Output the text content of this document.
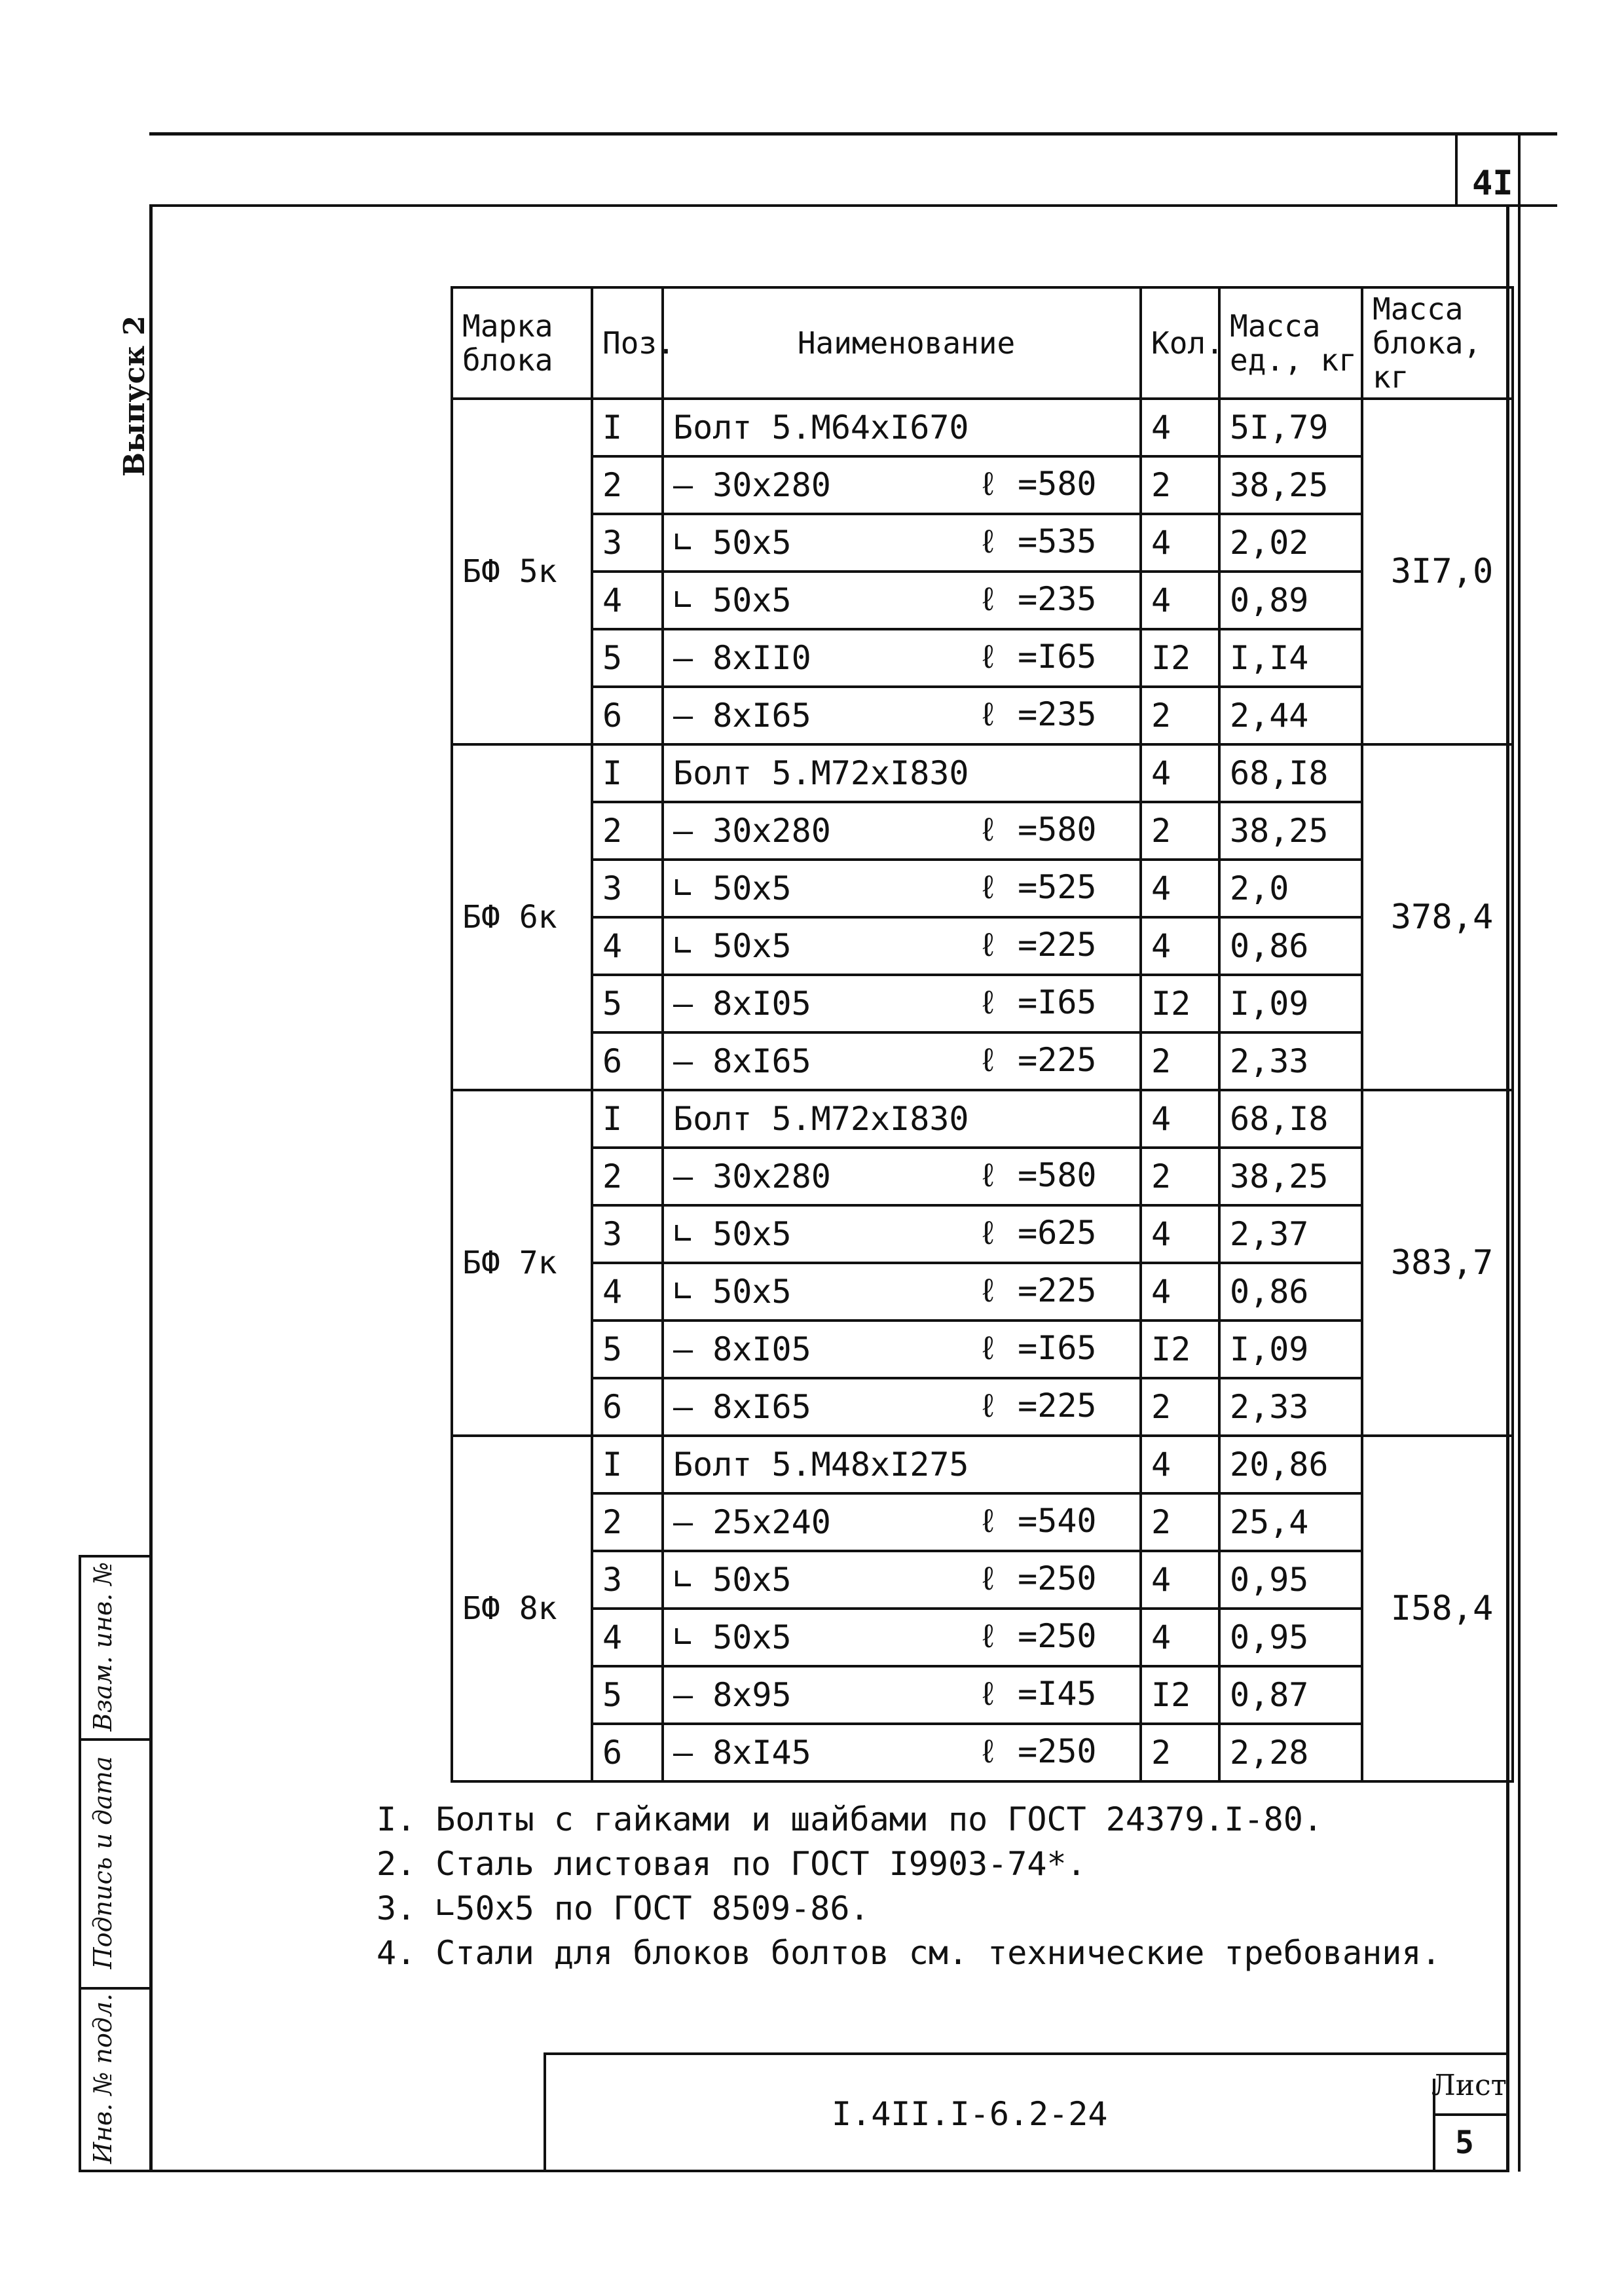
4I
Выпуск 2
Инв. № подл.
Подпись и дата
Взам. инв. №
Марка блока	Поз.	Наименование	Кол.	Масса ед., кг	Масса блока, кг
БФ 5к	I	Болт 5.М64хI670	4	5I,79	3I7,0
	2	– 30х280 ℓ =580	2	38,25	
	3	∟ 50х5 ℓ =535	4	2,02	
	4	∟ 50х5 ℓ =235	4	0,89	
	5	– 8хII0 ℓ =I65	I2	I,I4	
	6	– 8хI65 ℓ =235	2	2,44	
БФ 6к	I	Болт 5.М72хI830	4	68,I8	378,4
	2	– 30х280 ℓ =580	2	38,25	
	3	∟ 50х5 ℓ =525	4	2,0	
	4	∟ 50х5 ℓ =225	4	0,86	
	5	– 8хI05 ℓ =I65	I2	I,09	
	6	– 8хI65 ℓ =225	2	2,33	
БФ 7к	I	Болт 5.М72хI830	4	68,I8	383,7
	2	– 30х280 ℓ =580	2	38,25	
	3	∟ 50х5 ℓ =625	4	2,37	
	4	∟ 50х5 ℓ =225	4	0,86	
	5	– 8хI05 ℓ =I65	I2	I,09	
	6	– 8хI65 ℓ =225	2	2,33	
БФ 8к	I	Болт 5.М48хI275	4	20,86	I58,4
	2	– 25х240 ℓ =540	2	25,4	
	3	∟ 50х5 ℓ =250	4	0,95	
	4	∟ 50х5 ℓ =250	4	0,95	
	5	– 8х95 ℓ =I45	I2	0,87	
	6	– 8хI45 ℓ =250	2	2,28	
I. Болты с гайками и шайбами по ГОСТ 24379.I-80.
2. Сталь листовая по ГОСТ I9903-74*.
3. ∟50х5 по ГОСТ 8509-86.
4. Стали для блоков болтов см. технические требования.
I.4II.I-6.2-24
Лист
5
